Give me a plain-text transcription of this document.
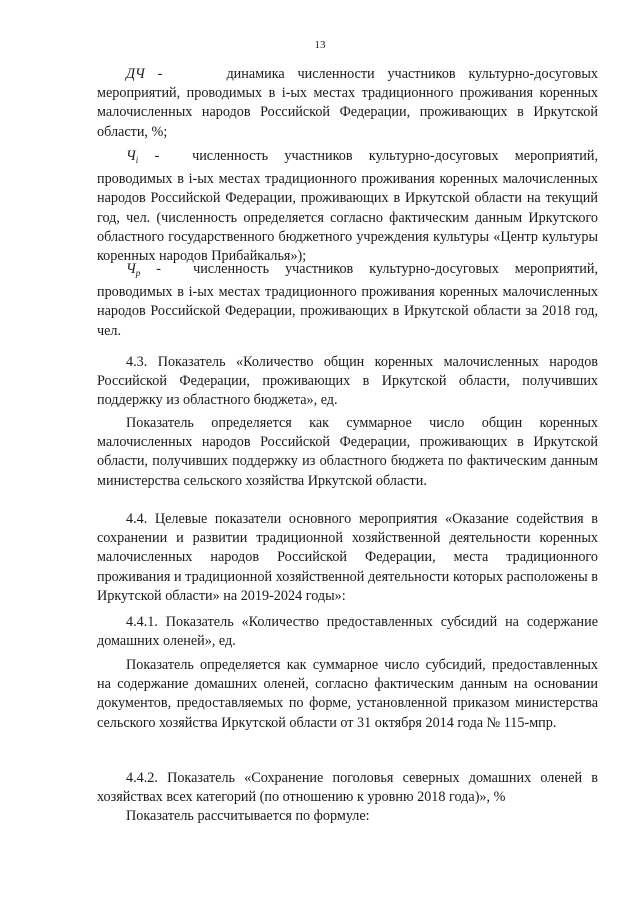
13

ДЧ -	динамика численности участников культурно-досуговых мероприятий, проводимых в i-ых местах традиционного проживания коренных малочисленных народов Российской Федерации, проживающих в Иркутской области, %;

$Ч_i$ - численность участников культурно-досуговых мероприятий, проводимых в i-ых местах традиционного проживания коренных малочисленных народов Российской Федерации, проживающих в Иркутской области на текущий год, чел. (численность определяется согласно фактическим данным Иркутского областного государственного бюджетного учреждения культуры «Центр культуры коренных народов Прибайкалья»);

$Ч_р$ - численность участников культурно-досуговых мероприятий, проводимых в i-ых местах традиционного проживания коренных малочисленных народов Российской Федерации, проживающих в Иркутской области за 2018 год, чел.

4.3. Показатель «Количество общин коренных малочисленных народов Российской Федерации, проживающих в Иркутской области, получивших поддержку из областного бюджета», ед.

Показатель определяется как суммарное число общин коренных малочисленных народов Российской Федерации, проживающих в Иркутской области, получивших поддержку из областного бюджета по фактическим данным министерства сельского хозяйства Иркутской области.

4.4. Целевые показатели основного мероприятия «Оказание содействия в сохранении и развитии традиционной хозяйственной деятельности коренных малочисленных народов Российской Федерации, места традиционного проживания и традиционной хозяйственной деятельности которых расположены в Иркутской области» на 2019-2024 годы»:

4.4.1. Показатель «Количество предоставленных субсидий на содержание домашних оленей», ед.

Показатель определяется как суммарное число субсидий, предоставленных на содержание домашних оленей, согласно фактическим данным на основании документов, предоставляемых по форме, установленной приказом министерства сельского хозяйства Иркутской области от 31 октября 2014 года № 115-мпр.

4.4.2. Показатель «Сохранение поголовья северных домашних оленей в хозяйствах всех категорий (по отношению к уровню 2018 года)», %

Показатель рассчитывается по формуле:
